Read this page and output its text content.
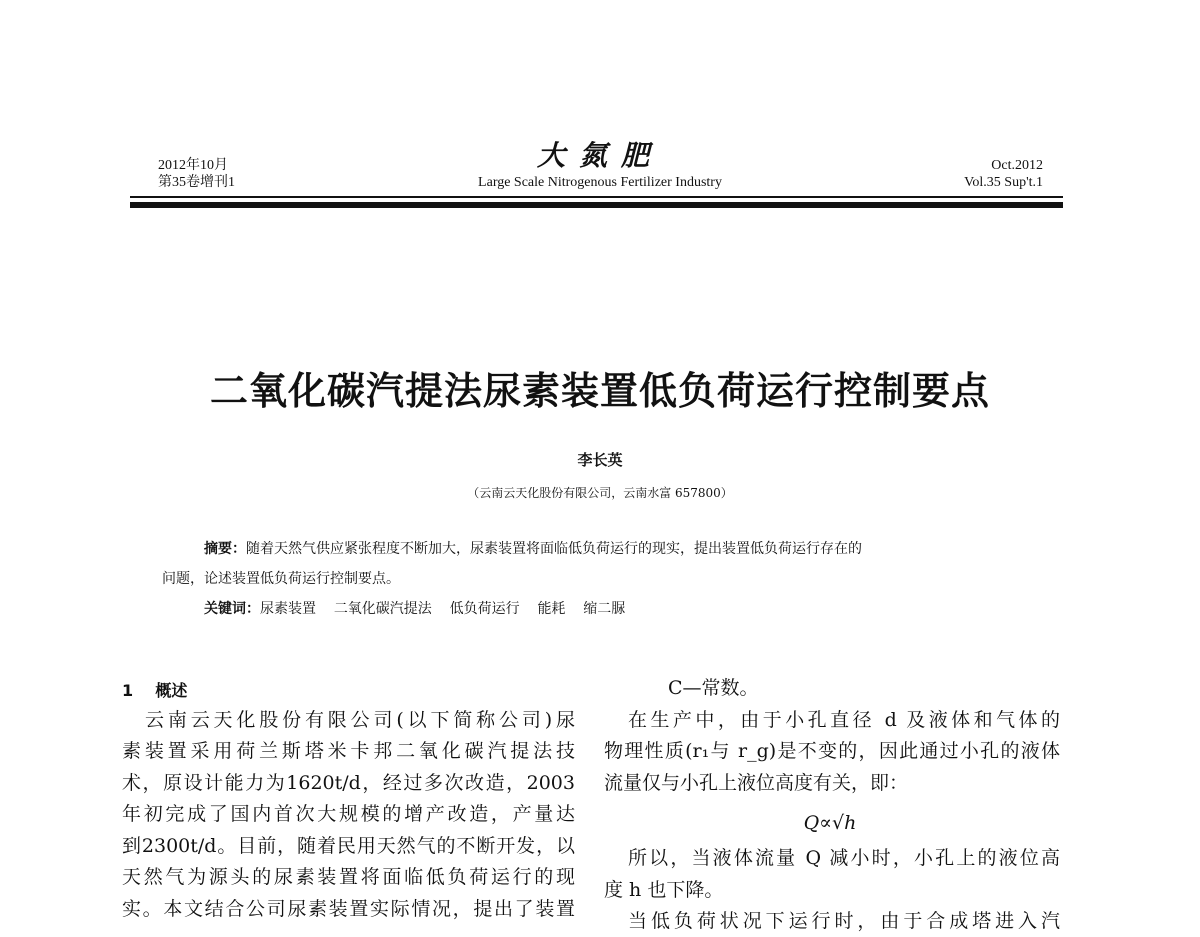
2012年10月
第35卷增刊1
大氮肥
Large Scale Nitrogenous Fertilizer Industry
Oct.2012
Vol.35 Sup't.1
二氧化碳汽提法尿素装置低负荷运行控制要点
李长英
（云南云天化股份有限公司，云南水富 657800）
摘要：随着天然气供应紧张程度不断加大，尿素装置将面临低负荷运行的现实，提出装置低负荷运行存在的
问题，论述装置低负荷运行控制要点。
关键词：尿素装置 二氧化碳汽提法 低负荷运行 能耗 缩二脲
1 概述
云南云天化股份有限公司(以下简称公司)尿
素装置采用荷兰斯塔米卡邦二氧化碳汽提法技
术，原设计能力为1620t/d，经过多次改造，2003
年初完成了国内首次大规模的增产改造，产量达
到2300t/d。目前，随着民用天然气的不断开发，以
天然气为源头的尿素装置将面临低负荷运行的现
实。本文结合公司尿素装置实际情况，提出了装置
C—常数。
在生产中，由于小孔直径 d 及液体和气体的
物理性质(r₁与 r_g)是不变的，因此通过小孔的液体
流量仅与小孔上液位高度有关，即：
Q∝√h
所以，当液体流量 Q 减小时，小孔上的液位高
度 h 也下降。
当低负荷状况下运行时，由于合成塔进入汽
